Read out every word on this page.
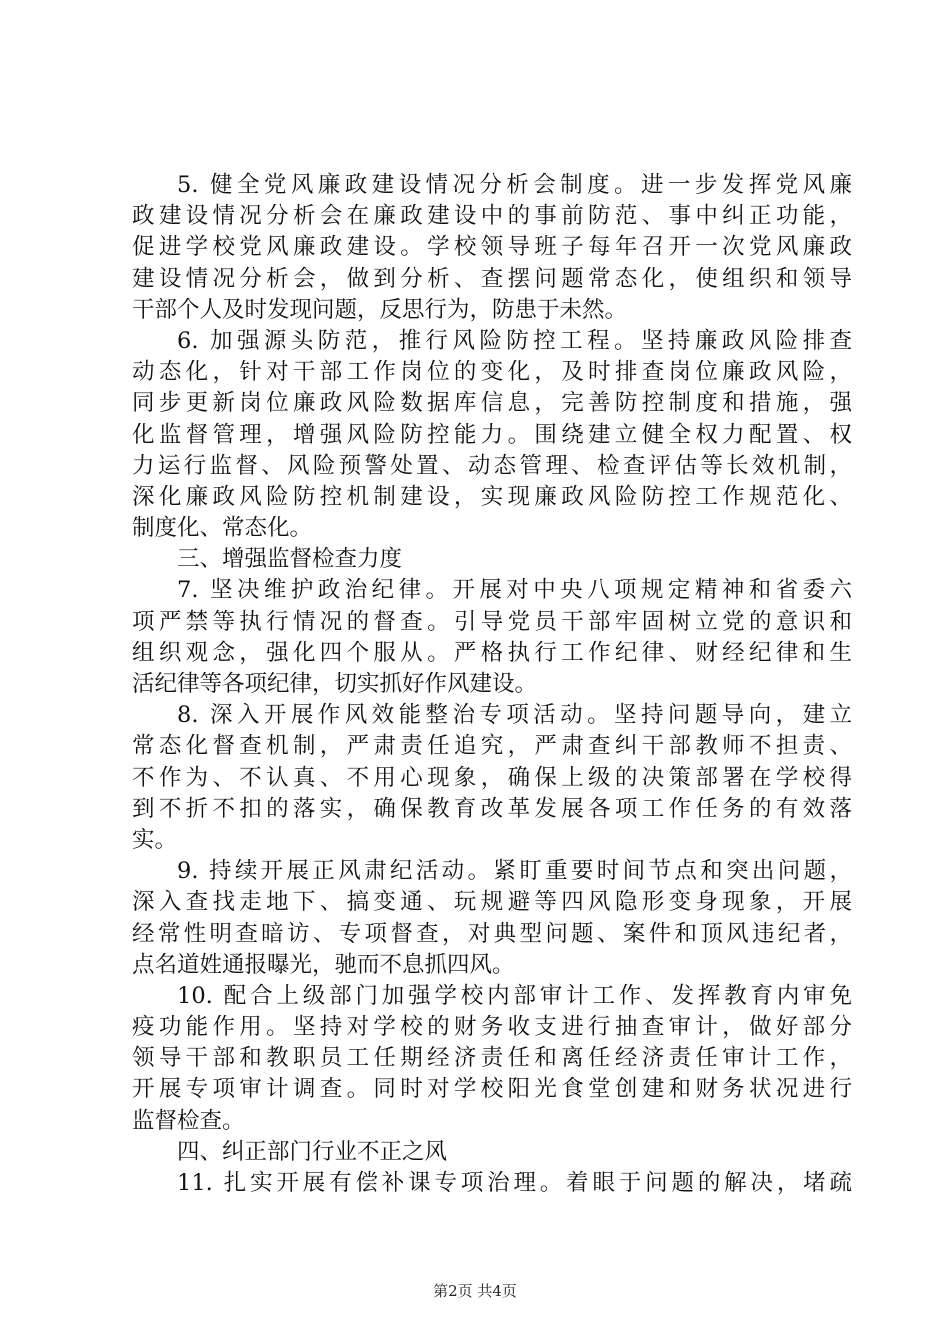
5. 健全党风廉政建设情况分析会制度。进一步发挥党风廉
政建设情况分析会在廉政建设中的事前防范、事中纠正功能，
促进学校党风廉政建设。学校领导班子每年召开一次党风廉政
建设情况分析会，做到分析、查摆问题常态化，使组织和领导
干部个人及时发现问题，反思行为，防患于未然。
6. 加强源头防范，推行风险防控工程。坚持廉政风险排查
动态化，针对干部工作岗位的变化，及时排查岗位廉政风险，
同步更新岗位廉政风险数据库信息，完善防控制度和措施，强
化监督管理，增强风险防控能力。围绕建立健全权力配置、权
力运行监督、风险预警处置、动态管理、检查评估等长效机制，
深化廉政风险防控机制建设，实现廉政风险防控工作规范化、
制度化、常态化。
三、增强监督检查力度
7. 坚决维护政治纪律。开展对中央八项规定精神和省委六
项严禁等执行情况的督查。引导党员干部牢固树立党的意识和
组织观念，强化四个服从。严格执行工作纪律、财经纪律和生
活纪律等各项纪律，切实抓好作风建设。
8. 深入开展作风效能整治专项活动。坚持问题导向，建立
常态化督查机制，严肃责任追究，严肃查纠干部教师不担责、
不作为、不认真、不用心现象，确保上级的决策部署在学校得
到不折不扣的落实，确保教育改革发展各项工作任务的有效落
实。
9. 持续开展正风肃纪活动。紧盯重要时间节点和突出问题，
深入查找走地下、搞变通、玩规避等四风隐形变身现象，开展
经常性明查暗访、专项督查，对典型问题、案件和顶风违纪者，
点名道姓通报曝光，驰而不息抓四风。
10. 配合上级部门加强学校内部审计工作、发挥教育内审免
疫功能作用。坚持对学校的财务收支进行抽查审计，做好部分
领导干部和教职员工任期经济责任和离任经济责任审计工作，
开展专项审计调查。同时对学校阳光食堂创建和财务状况进行
监督检查。
四、纠正部门行业不正之风
11. 扎实开展有偿补课专项治理。着眼于问题的解决，堵疏
第2页 共4页
